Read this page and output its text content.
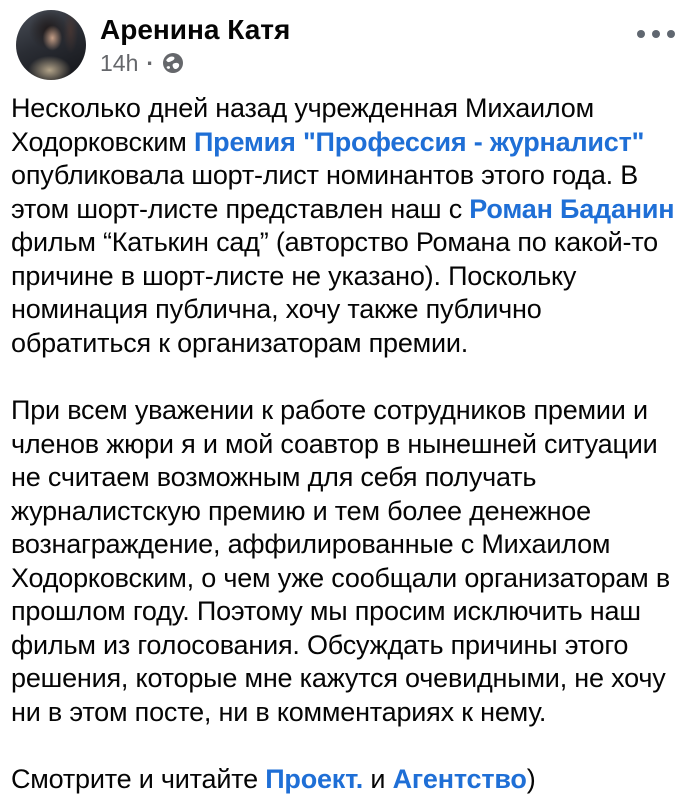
Аренина Катя
14h ·

Несколько дней назад учрежденная Михаилом Ходорковским Премия "Профессия - журналист" опубликовала шорт-лист номинантов этого года. В этом шорт-листе представлен наш с Роман Баданин фильм “Катькин сад” (авторство Романа по какой-то причине в шорт-листе не указано). Поскольку номинация публична, хочу также публично обратиться к организаторам премии.

При всем уважении к работе сотрудников премии и членов жюри я и мой соавтор в нынешней ситуации не считаем возможным для себя получать журналистскую премию и тем более денежное вознаграждение, аффилированные с Михаилом Ходорковским, о чем уже сообщали организаторам в прошлом году. Поэтому мы просим исключить наш фильм из голосования. Обсуждать причины этого решения, которые мне кажутся очевидными, не хочу ни в этом посте, ни в комментариях к нему.

Смотрите и читайте Проект. и Агентство)
